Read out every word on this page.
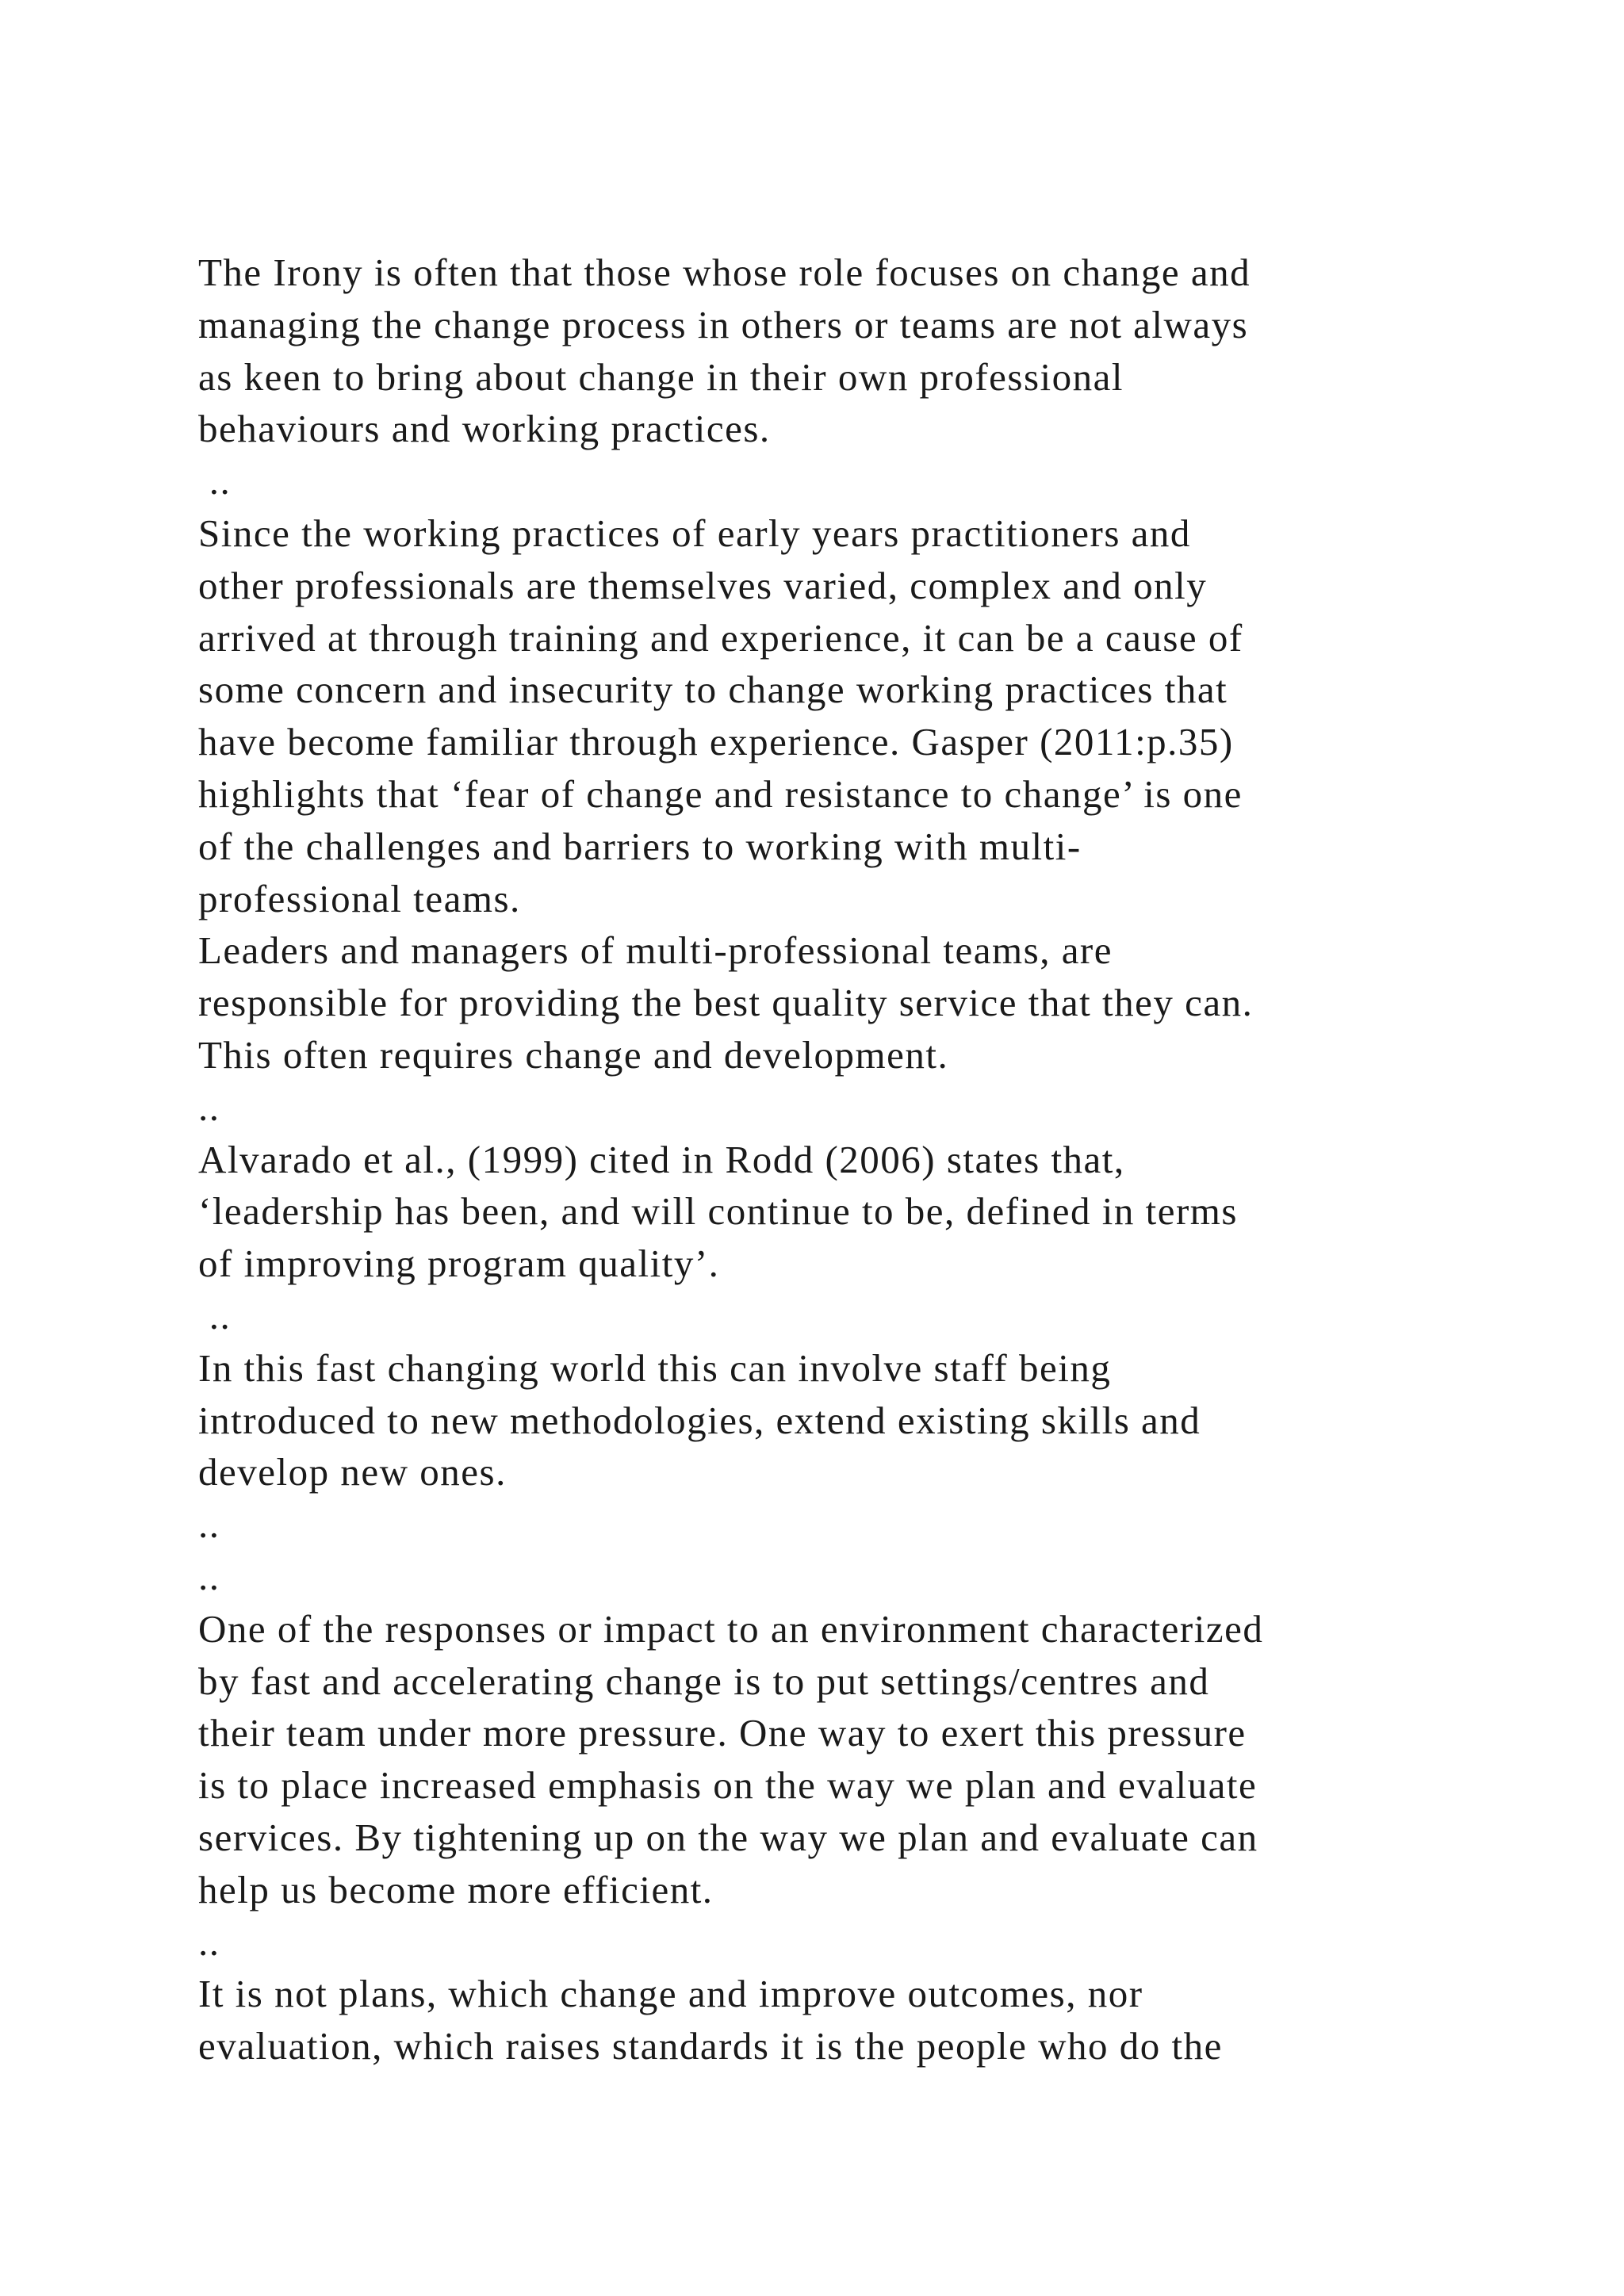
The Irony is often that those whose role focuses on change and
managing the change process in others or teams are not always
as keen to bring about change in their own professional
behaviours and working practices.
..
Since the working practices of early years practitioners and
other professionals are themselves varied, complex and only
arrived at through training and experience, it can be a cause of
some concern and insecurity to change working practices that
have become familiar through experience. Gasper (2011:p.35)
highlights that ‘fear of change and resistance to change’ is one
of the challenges and barriers to working with multi-
professional teams.
Leaders and managers of multi-professional teams, are
responsible for providing the best quality service that they can.
This often requires change and development.
..
Alvarado et al., (1999) cited in Rodd (2006) states that,
‘leadership has been, and will continue to be, defined in terms
of improving program quality’.
..
In this fast changing world this can involve staff being
introduced to new methodologies, extend existing skills and
develop new ones.
..
..
One of the responses or impact to an environment characterized
by fast and accelerating change is to put settings/centres and
their team under more pressure. One way to exert this pressure
is to place increased emphasis on the way we plan and evaluate
services. By tightening up on the way we plan and evaluate can
help us become more efficient.
..
It is not plans, which change and improve outcomes, nor
evaluation, which raises standards it is the people who do the
